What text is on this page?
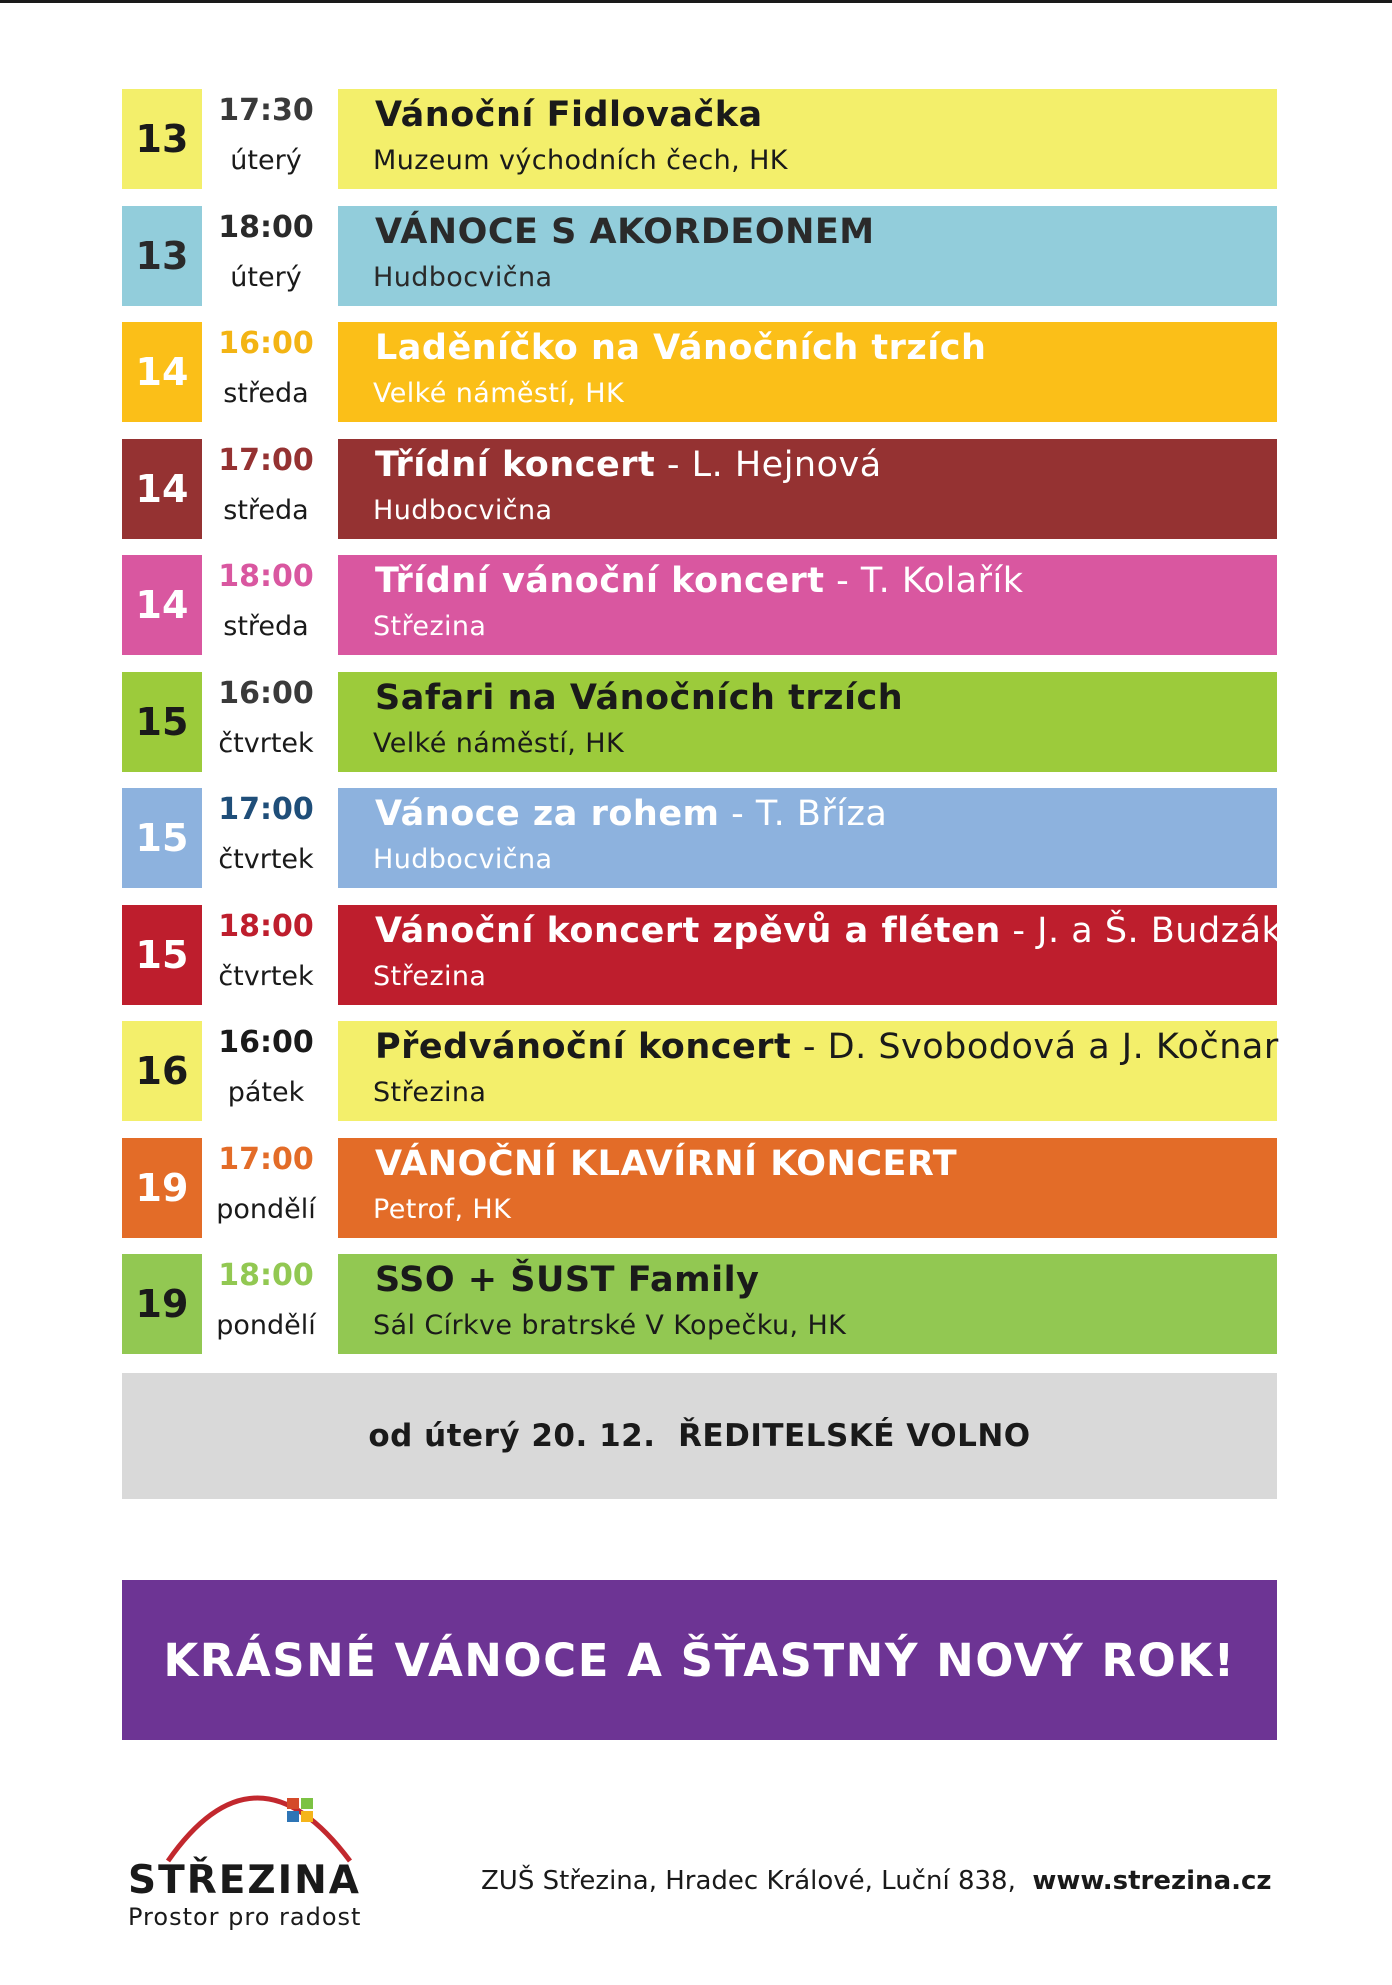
13
17:30
úterý
Vánoční Fidlovačka
Muzeum východních čech, HK
13
18:00
úterý
VÁNOCE S AKORDEONEM
Hudbocvična
14
16:00
středa
Laděníčko na Vánočních trzích
Velké náměstí, HK
14
17:00
středa
Třídní koncert - L. Hejnová
Hudbocvična
14
18:00
středa
Třídní vánoční koncert - T. Kolařík
Střezina
15
16:00
čtvrtek
Safari na Vánočních trzích
Velké náměstí, HK
15
17:00
čtvrtek
Vánoce za rohem - T. Bříza
Hudbocvična
15
18:00
čtvrtek
Vánoční koncert zpěvů a fléten - J. a Š. Budzákovi
Střezina
16
16:00
pátek
Předvánoční koncert - D. Svobodová a J. Kočnar
Střezina
19
17:00
pondělí
VÁNOČNÍ KLAVÍRNÍ KONCERT
Petrof, HK
19
18:00
pondělí
SSO + ŠUST Family
Sál Církve bratrské V Kopečku, HK
od úterý 20. 12.  ŘEDITELSKÉ VOLNO
KRÁSNÉ VÁNOCE A ŠŤASTNÝ NOVÝ ROK!
STŘEZINA
Prostor pro radost
ZUŠ Střezina, Hradec Králové, Luční 838,  www.strezina.cz
